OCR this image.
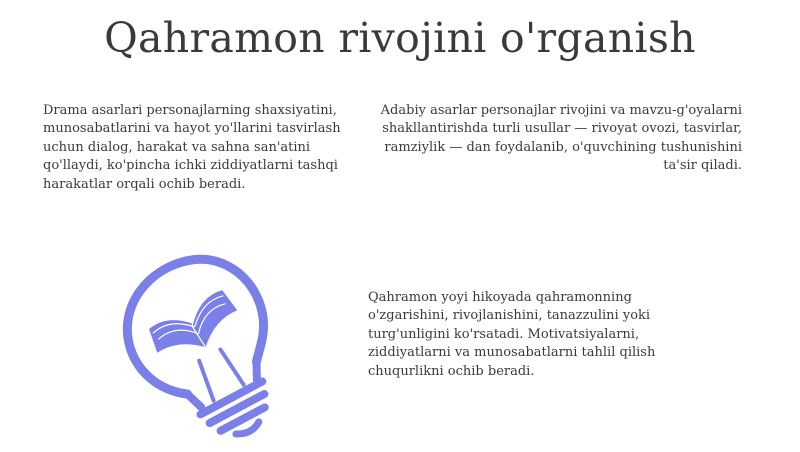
Qahramon rivojini o'rganish

Drama asarlari personajlarning shaxsiyatini, munosabatlarini va hayot yo'llarini tasvirlash uchun dialog, harakat va sahna san'atini qo'llaydi, ko'pincha ichki ziddiyatlarni tashqi harakatlar orqali ochib beradi.

Adabiy asarlar personajlar rivojini va mavzu-g'oyalarni shakllantirishda turli usullar — rivoyat ovozi, tasvirlar, ramziylik — dan foydalanib, o'quvchining tushunishini ta'sir qiladi.

Qahramon yoyi hikoyada qahramonning o'zgarishini, rivojlanishini, tanazzulini yoki turg'unligini ko'rsatadi. Motivatsiyalarni, ziddiyatlarni va munosabatlarni tahlil qilish chuqurlikni ochib beradi.
